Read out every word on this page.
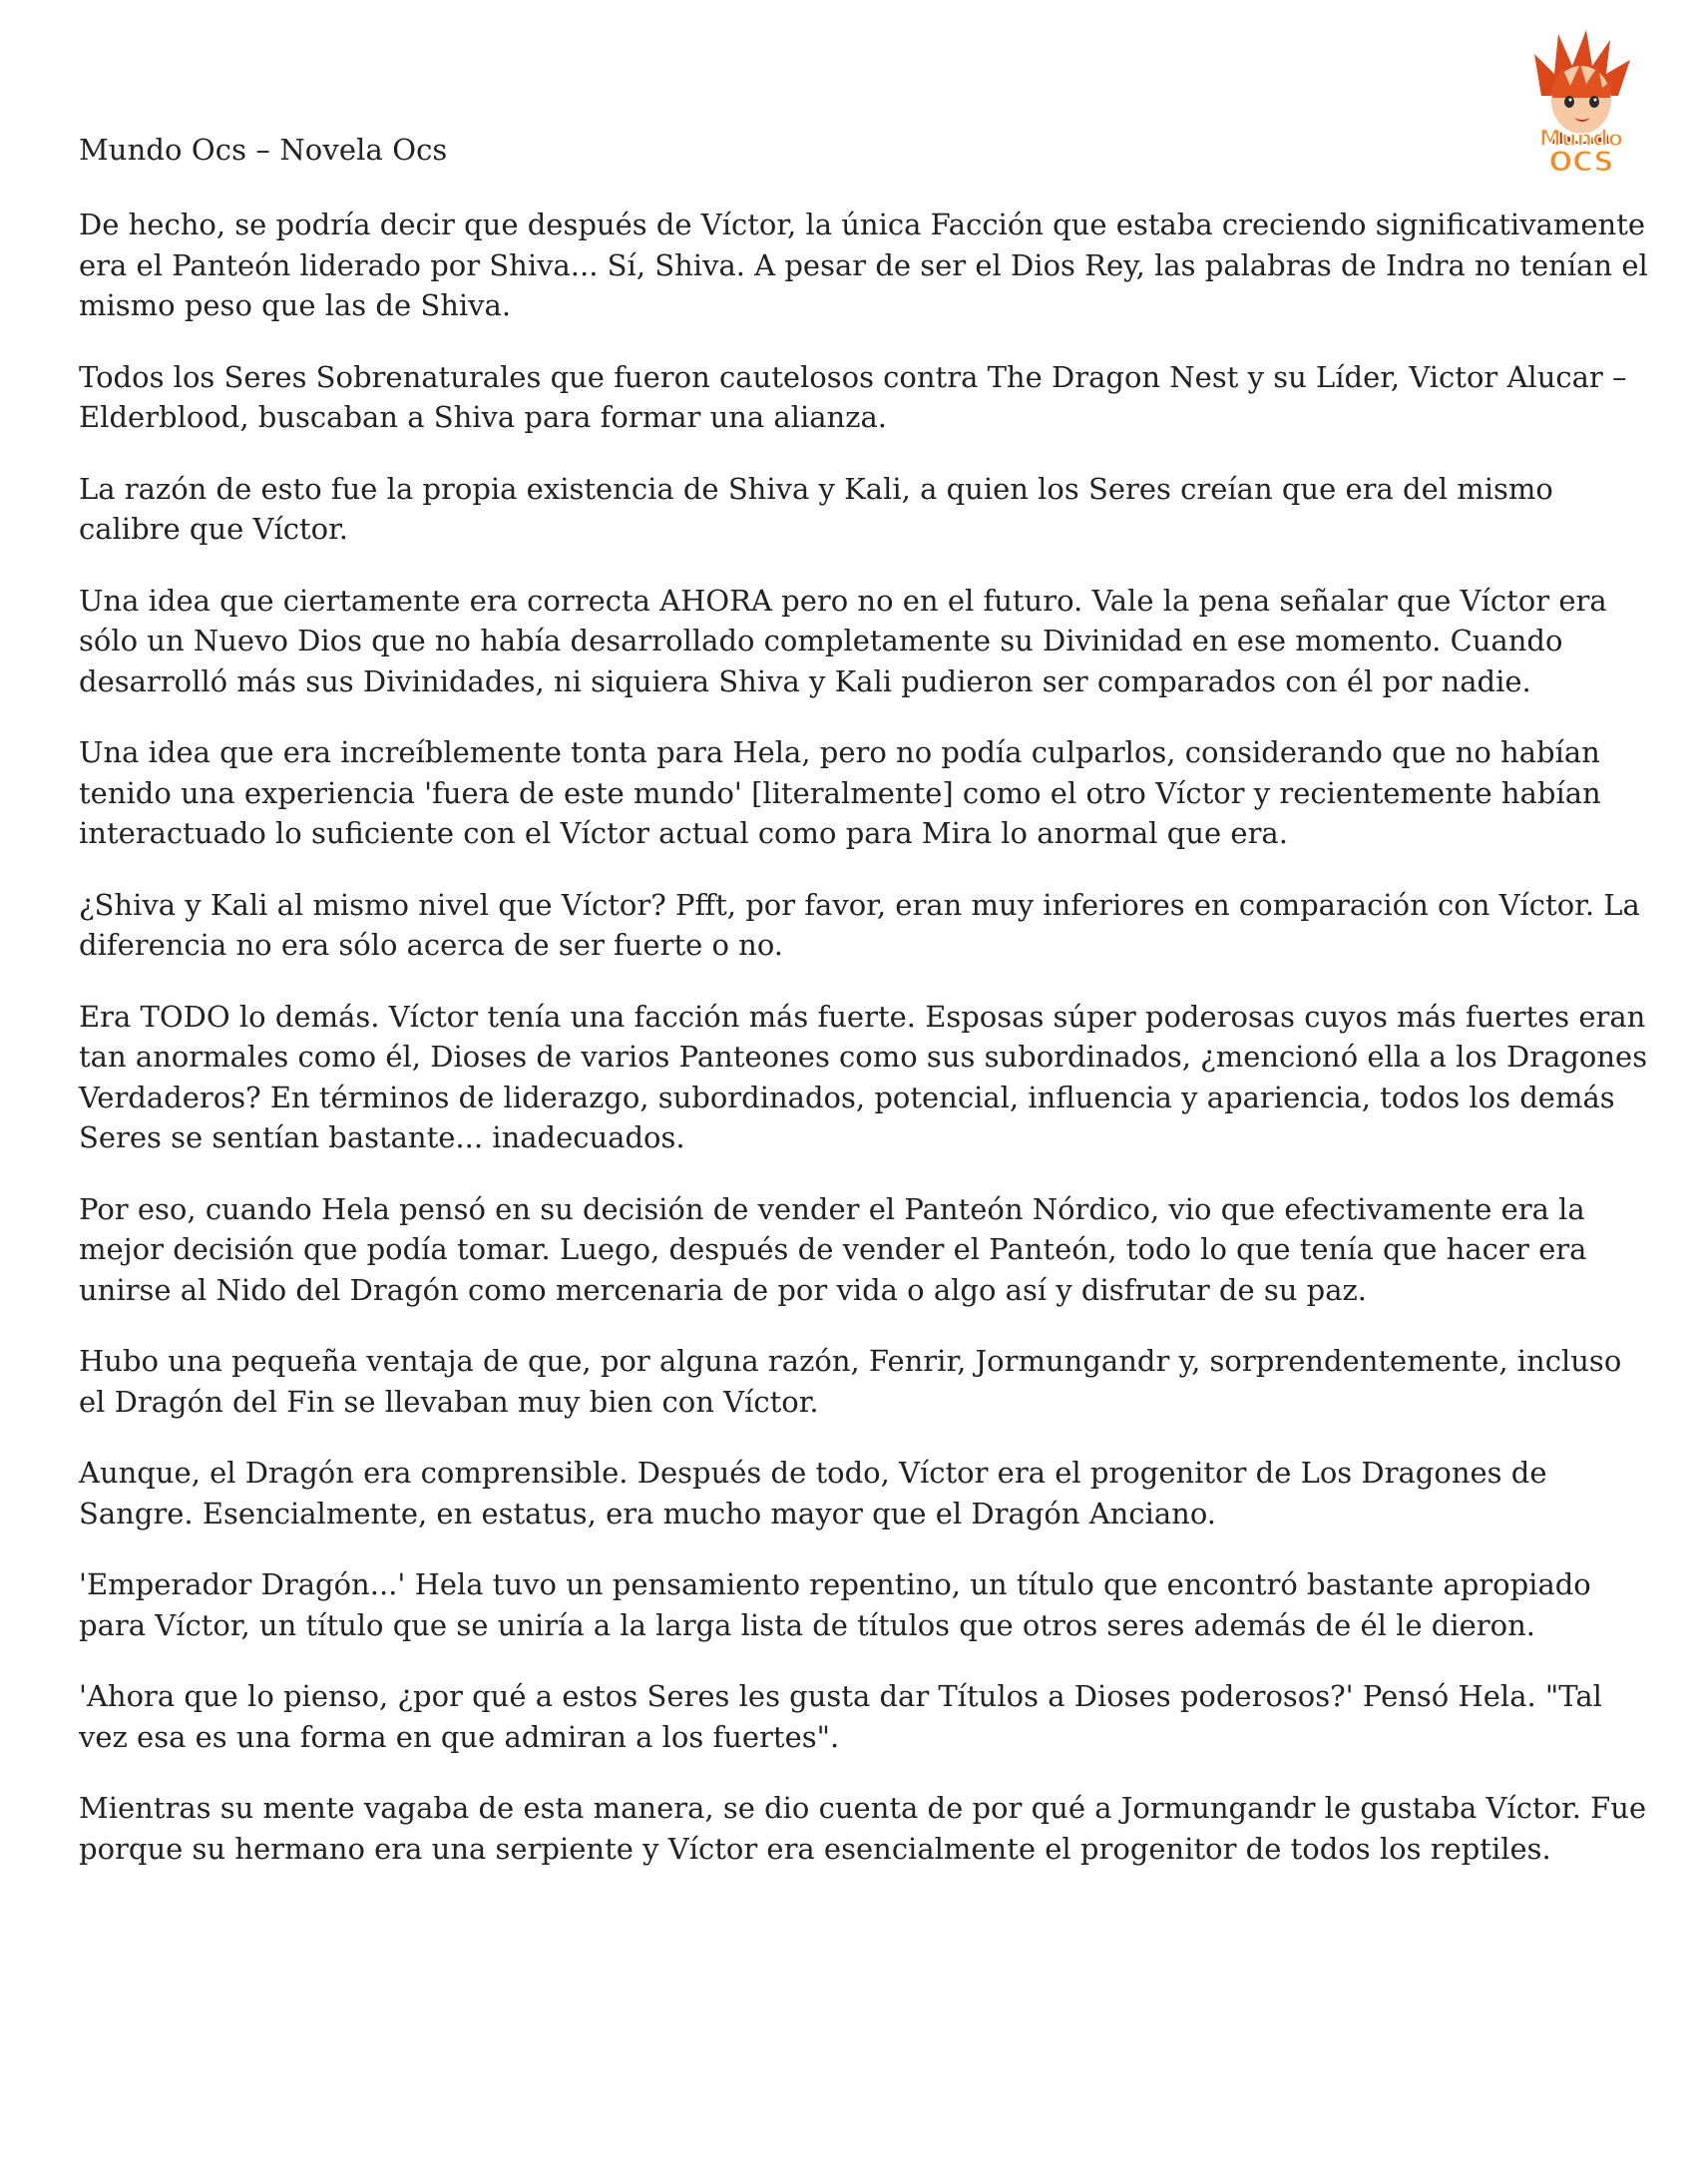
Mundo
OCS
Mundo Ocs – Novela Ocs

De hecho, se podría decir que después de Víctor, la única Facción que estaba creciendo significativamente era el Panteón liderado por Shiva... Sí, Shiva. A pesar de ser el Dios Rey, las palabras de Indra no tenían el mismo peso que las de Shiva.

Todos los Seres Sobrenaturales que fueron cautelosos contra The Dragon Nest y su Líder, Victor Alucar – Elderblood, buscaban a Shiva para formar una alianza.

La razón de esto fue la propia existencia de Shiva y Kali, a quien los Seres creían que era del mismo calibre que Víctor.

Una idea que ciertamente era correcta AHORA pero no en el futuro. Vale la pena señalar que Víctor era sólo un Nuevo Dios que no había desarrollado completamente su Divinidad en ese momento. Cuando desarrolló más sus Divinidades, ni siquiera Shiva y Kali pudieron ser comparados con él por nadie.

Una idea que era increíblemente tonta para Hela, pero no podía culparlos, considerando que no habían tenido una experiencia 'fuera de este mundo' [literalmente] como el otro Víctor y recientemente habían interactuado lo suficiente con el Víctor actual como para Mira lo anormal que era.

¿Shiva y Kali al mismo nivel que Víctor? Pfft, por favor, eran muy inferiores en comparación con Víctor. La diferencia no era sólo acerca de ser fuerte o no.

Era TODO lo demás. Víctor tenía una facción más fuerte. Esposas súper poderosas cuyos más fuertes eran tan anormales como él, Dioses de varios Panteones como sus subordinados, ¿mencionó ella a los Dragones Verdaderos? En términos de liderazgo, subordinados, potencial, influencia y apariencia, todos los demás Seres se sentían bastante... inadecuados.

Por eso, cuando Hela pensó en su decisión de vender el Panteón Nórdico, vio que efectivamente era la mejor decisión que podía tomar. Luego, después de vender el Panteón, todo lo que tenía que hacer era unirse al Nido del Dragón como mercenaria de por vida o algo así y disfrutar de su paz.

Hubo una pequeña ventaja de que, por alguna razón, Fenrir, Jormungandr y, sorprendentemente, incluso el Dragón del Fin se llevaban muy bien con Víctor.

Aunque, el Dragón era comprensible. Después de todo, Víctor era el progenitor de Los Dragones de Sangre. Esencialmente, en estatus, era mucho mayor que el Dragón Anciano.

'Emperador Dragón...' Hela tuvo un pensamiento repentino, un título que encontró bastante apropiado para Víctor, un título que se uniría a la larga lista de títulos que otros seres además de él le dieron.

'Ahora que lo pienso, ¿por qué a estos Seres les gusta dar Títulos a Dioses poderosos?' Pensó Hela. "Tal vez esa es una forma en que admiran a los fuertes".

Mientras su mente vagaba de esta manera, se dio cuenta de por qué a Jormungandr le gustaba Víctor. Fue porque su hermano era una serpiente y Víctor era esencialmente el progenitor de todos los reptiles.
